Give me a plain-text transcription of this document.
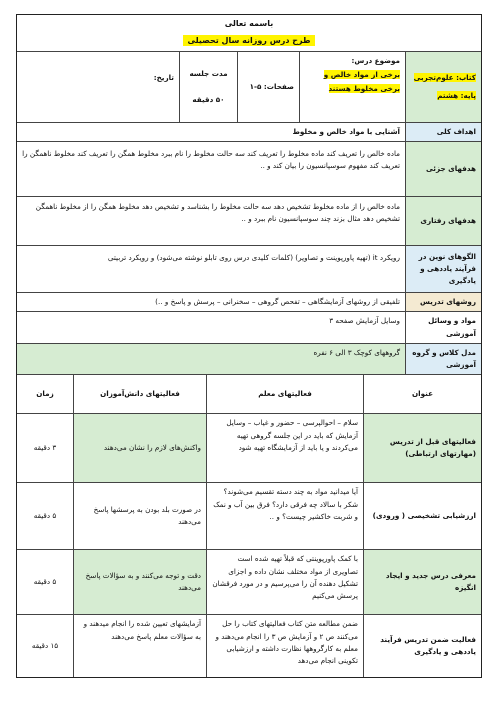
باسمه تعالی
طرح درس روزانه سال تحصیلی
کتاب: علوم‌تجربی
پایه: هشتم
موضوع درس:
برخی از مواد خالص و
برخی مخلوط هستند
صفحات: ۵-۱
مدت جلسه
۵۰ دقیقه
تاریخ:
اهداف کلی
آشنایی با مواد خالص و مخلوط
هدفهای جزئی
ماده خالص را تعریف کند ماده مخلوط را تعریف کند سه حالت مخلوط را نام ببرد مخلوط همگن را تعریف کند مخلوط ناهمگن را تعریف کند مفهوم سوسپانسیون را بیان کند و ..
هدفهای رفتاری
ماده خالص را از ماده مخلوط تشخیص دهد سه حالت مخلوط را بشناسد و تشخیص دهد مخلوط همگن را از مخلوط ناهمگن تشخیص دهد مثال بزند چند سوسپانسیون نام ببرد و ..
الگوهای نوین در فرآیند یاددهی و یادگیری
رویکرد it (تهیه پاورپوینت و تصاویر) (کلمات کلیدی درس روی تابلو نوشته می‌شود) و رویکرد تربیتی
روشهای تدریس
تلفیقی از روشهای آزمایشگاهی – تفحص گروهی – سخنرانی – پرسش و پاسخ و ..)
مواد و وسائل آموزشی
وسایل آزمایش صفحه ۳
مدل کلاس و گروه آموزشی
گروههای کوچک ۳ الی ۶ نفره
عنوان
فعالیتهای معلم
فعالیتهای دانش‌آموزان
زمان
فعالیتهای قبل از تدریس (مهارتهای ارتباطی)
سلام – احوالپرسی – حضور و غیاب – وسایل آزمایش که باید در این جلسه گروهی تهیه می‌کردند و یا باید از آزمایشگاه تهیه شود
واکنش‌های لازم را نشان می‌دهند
۳ دقیقه
ارزشیابی تشخیصی ( ورودی)
آیا میدانید مواد به چند دسته تقسیم می‌شوند؟ شکر با سالاد چه فرقی دارد؟ فرق بین آب و نمک و شربت خاکشیر چیست؟ و ..
در صورت بلد بودن به پرسشها پاسخ می‌دهند
۵ دقیقه
معرفی درس جدید و ایجاد انگیزه
با کمک پاورپوینتی که قبلاً تهیه شده است تصاویری از مواد مختلف نشان داده و اجزای تشکیل دهنده آن را می‌پرسیم و در مورد فرقشان پرسش می‌کنیم
دقت و توجه می‌کنند و به سؤالات پاسخ می‌دهند
۵ دقیقه
فعالیت ضمن تدریس فرآیند یاددهی و یادگیری
ضمن مطالعه متن کتاب فعالیتهای کتاب را حل می‌کنند ص ۲ و آزمایش ص ۳ را انجام می‌دهند و معلم به کارگروهها نظارت داشته و ارزشیابی تکوینی انجام می‌دهد
آزمایشهای تعیین شده را انجام میدهند و به سؤالات معلم پاسخ می‌دهند
۱۵ دقیقه
